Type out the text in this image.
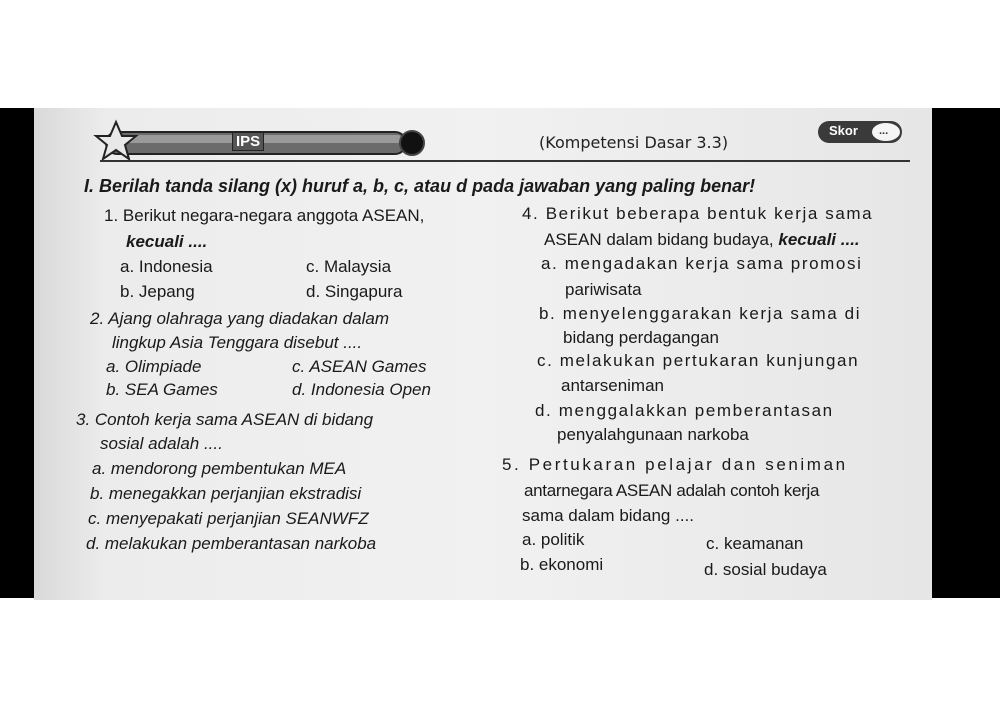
IPS	(Kompetensi Dasar 3.3)
Skor ...
I. Berilah tanda silang (x) huruf a, b, c, atau d pada jawaban yang paling benar!
1. Berikut negara-negara anggota ASEAN,
kecuali ....
a. Indonesia	c. Malaysia
b. Jepang	d. Singapura
2. Ajang olahraga yang diadakan dalam
lingkup Asia Tenggara disebut ....
a. Olimpiade	c. ASEAN Games
b. SEA Games	d. Indonesia Open
3. Contoh kerja sama ASEAN di bidang
sosial adalah ....
a. mendorong pembentukan MEA
b. menegakkan perjanjian ekstradisi
c. menyepakati perjanjian SEANWFZ
d. melakukan pemberantasan narkoba
4. Berikut beberapa bentuk kerja sama
ASEAN dalam bidang budaya, kecuali ....
a. mengadakan kerja sama promosi
pariwisata
b. menyelenggarakan kerja sama di
bidang perdagangan
c. melakukan pertukaran kunjungan
antarseniman
d. menggalakkan pemberantasan
penyalahgunaan narkoba
5. Pertukaran pelajar dan seniman
antarnegara ASEAN adalah contoh kerja
sama dalam bidang ....
a. politik	c. keamanan
b. ekonomi	d. sosial budaya
